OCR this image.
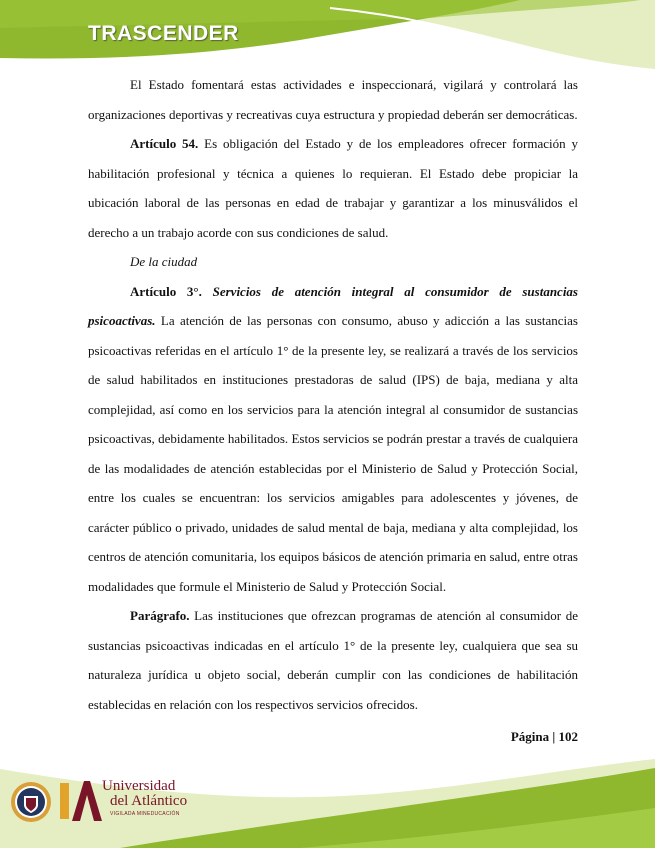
TRASCENDER

El Estado fomentará estas actividades e inspeccionará, vigilará y controlará las organizaciones deportivas y recreativas cuya estructura y propiedad deberán ser democráticas.

Artículo 54. Es obligación del Estado y de los empleadores ofrecer formación y habilitación profesional y técnica a quienes lo requieran. El Estado debe propiciar la ubicación laboral de las personas en edad de trabajar y garantizar a los minusválidos el derecho a un trabajo acorde con sus condiciones de salud.

De la ciudad

Artículo 3°. Servicios de atención integral al consumidor de sustancias psicoactivas. La atención de las personas con consumo, abuso y adicción a las sustancias psicoactivas referidas en el artículo 1° de la presente ley, se realizará a través de los servicios de salud habilitados en instituciones prestadoras de salud (IPS) de baja, mediana y alta complejidad, así como en los servicios para la atención integral al consumidor de sustancias psicoactivas, debidamente habilitados. Estos servicios se podrán prestar a través de cualquiera de las modalidades de atención establecidas por el Ministerio de Salud y Protección Social, entre los cuales se encuentran: los servicios amigables para adolescentes y jóvenes, de carácter público o privado, unidades de salud mental de baja, mediana y alta complejidad, los centros de atención comunitaria, los equipos básicos de atención primaria en salud, entre otras modalidades que formule el Ministerio de Salud y Protección Social.

Parágrafo. Las instituciones que ofrezcan programas de atención al consumidor de sustancias psicoactivas indicadas en el artículo 1° de la presente ley, cualquiera que sea su naturaleza jurídica u objeto social, deberán cumplir con las condiciones de habilitación establecidas en relación con los respectivos servicios ofrecidos.

Página | 102
Universidad
del Atlántico
VIGILADA MINEDUCACIÓN
